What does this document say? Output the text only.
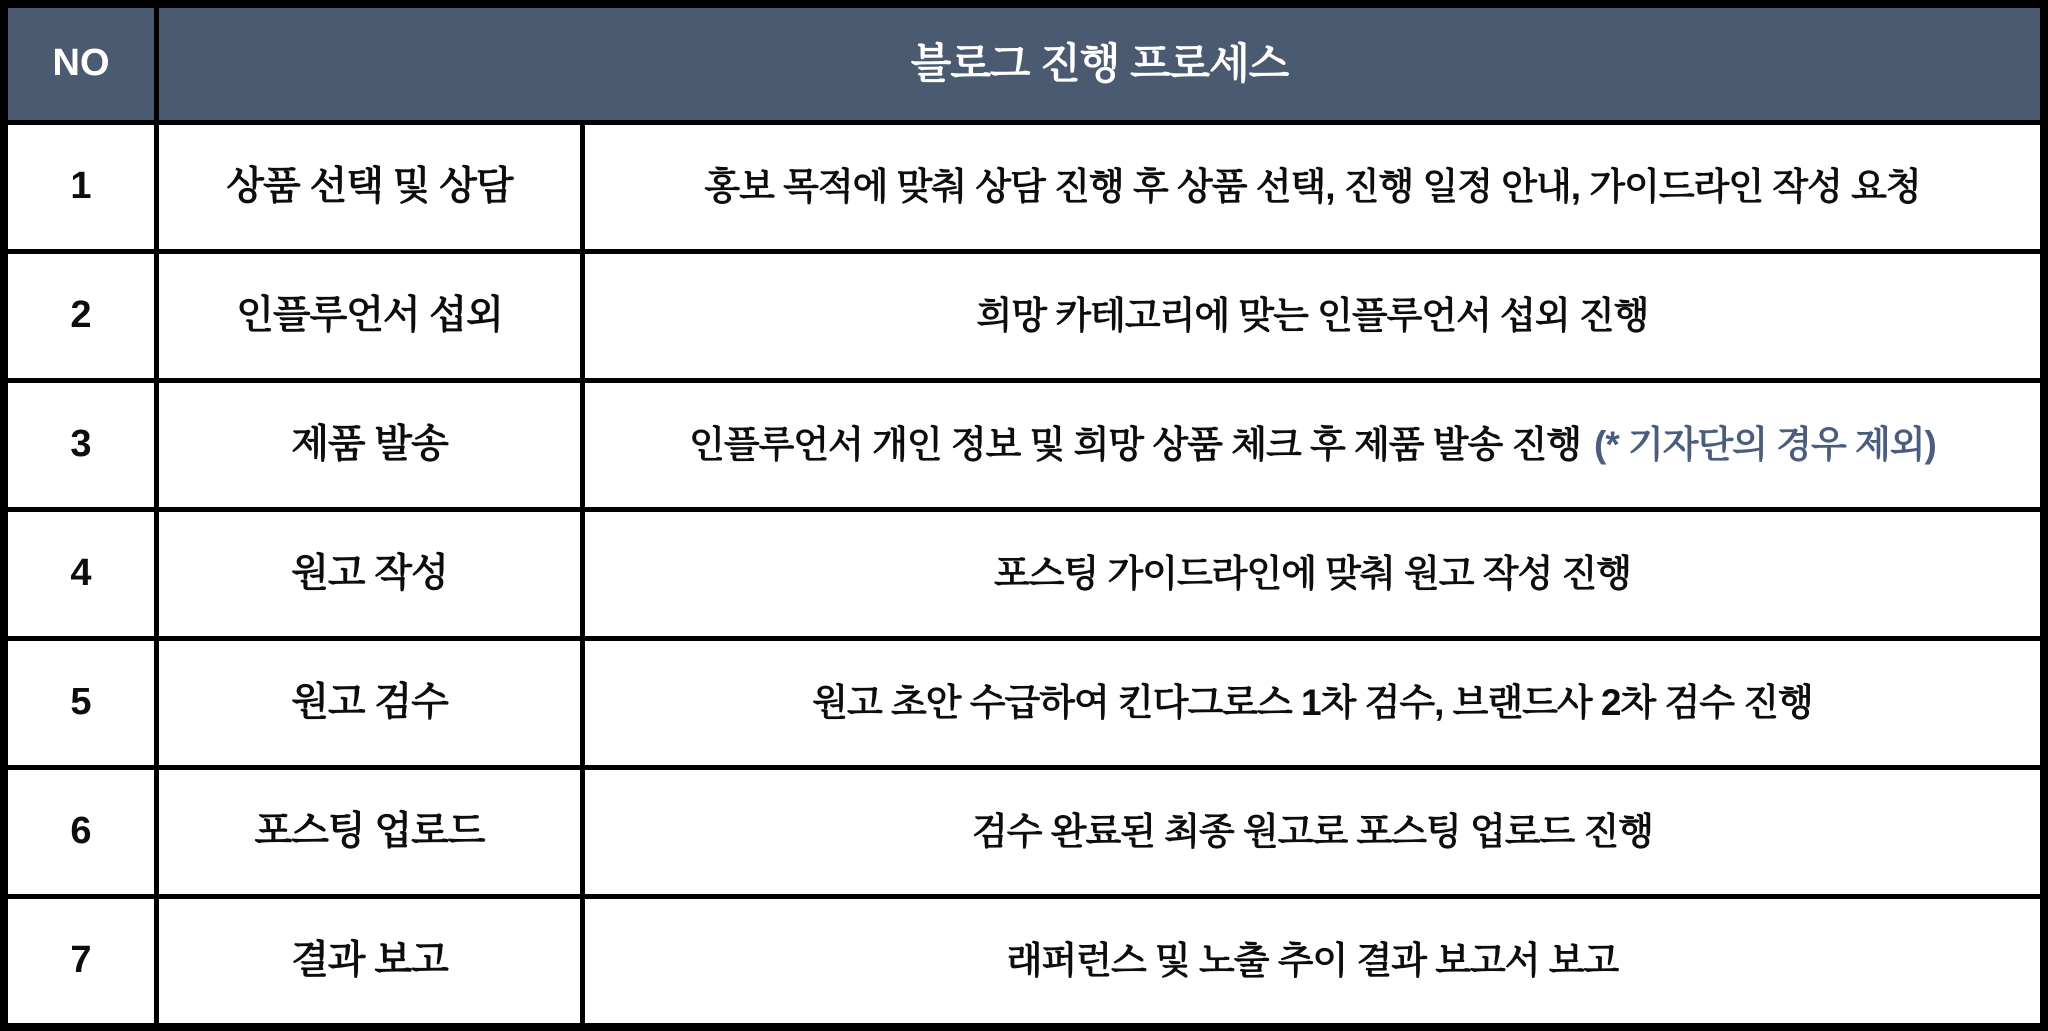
NO	블로그 진행 프로세스
1	상품 선택 및 상담	홍보 목적에 맞춰 상담 진행 후 상품 선택, 진행 일정 안내, 가이드라인 작성 요청
2	인플루언서 섭외	희망 카테고리에 맞는 인플루언서 섭외 진행
3	제품 발송	인플루언서 개인 정보 및 희망 상품 체크 후 제품 발송 진행 (* 기자단의 경우 제외)
4	원고 작성	포스팅 가이드라인에 맞춰 원고 작성 진행
5	원고 검수	원고 초안 수급하여 킨다그로스 1차 검수, 브랜드사 2차 검수 진행
6	포스팅 업로드	검수 완료된 최종 원고로 포스팅 업로드 진행
7	결과 보고	래퍼런스 및 노출 추이 결과 보고서 보고
